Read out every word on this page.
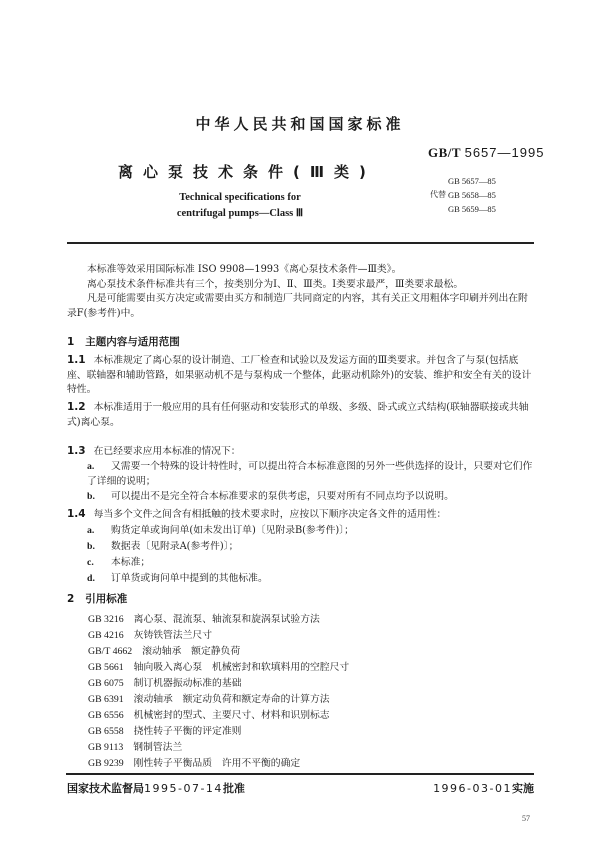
中华人民共和国国家标准
GB/T 5657—1995
离心泵技术条件(Ⅲ类)
Technical specifications for
centrifugal pumps—Class Ⅲ
GB 5657—85
代替 GB 5658—85
GB 5659—85
本标准等效采用国际标准 ISO 9908—1993《离心泵技术条件—Ⅲ类》。
离心泵技术条件标准共有三个，按类别分为Ⅰ、Ⅱ、Ⅲ类。Ⅰ类要求最严，Ⅲ类要求最松。
凡是可能需要由买方决定或需要由买方和制造厂共同商定的内容，其有关正文用粗体字印刷并列出在附录F(参考件)中。
1 主题内容与适用范围
1.1 本标准规定了离心泵的设计制造、工厂检查和试验以及发运方面的Ⅲ类要求。并包含了与泵(包括底座、联轴器和辅助管路，如果驱动机不是与泵构成一个整体，此驱动机除外)的安装、维护和安全有关的设计特性。
1.2 本标准适用于一般应用的具有任何驱动和安装形式的单级、多级、卧式或立式结构(联轴器联接或共轴式)离心泵。
1.3 在已经要求应用本标准的情况下：
a. 又需要一个特殊的设计特性时，可以提出符合本标准意图的另外一些供选择的设计，只要对它们作了详细的说明；
b. 可以提出不是完全符合本标准要求的泵供考虑，只要对所有不同点均予以说明。
1.4 每当多个文件之间含有相抵触的技术要求时，应按以下顺序决定各文件的适用性：
a. 购货定单或询问单(如未发出订单)〔见附录B(参考件)〕；
b. 数据表〔见附录A(参考件)〕；
c. 本标准；
d. 订单货或询问单中提到的其他标准。
2 引用标准
GB 3216 离心泵、混流泵、轴流泵和旋涡泵试验方法
GB 4216 灰铸铁管法兰尺寸
GB/T 4662 滚动轴承　额定静负荷
GB 5661 轴向吸入离心泵　机械密封和软填料用的空腔尺寸
GB 6075 制订机器振动标准的基础
GB 6391 滚动轴承　额定动负荷和额定寿命的计算方法
GB 6556 机械密封的型式、主要尺寸、材料和识别标志
GB 6558 挠性转子平衡的评定准则
GB 9113 钢制管法兰
GB 9239 刚性转子平衡品质　许用不平衡的确定
国家技术监督局1995-07-14批准	1996-03-01实施
57
